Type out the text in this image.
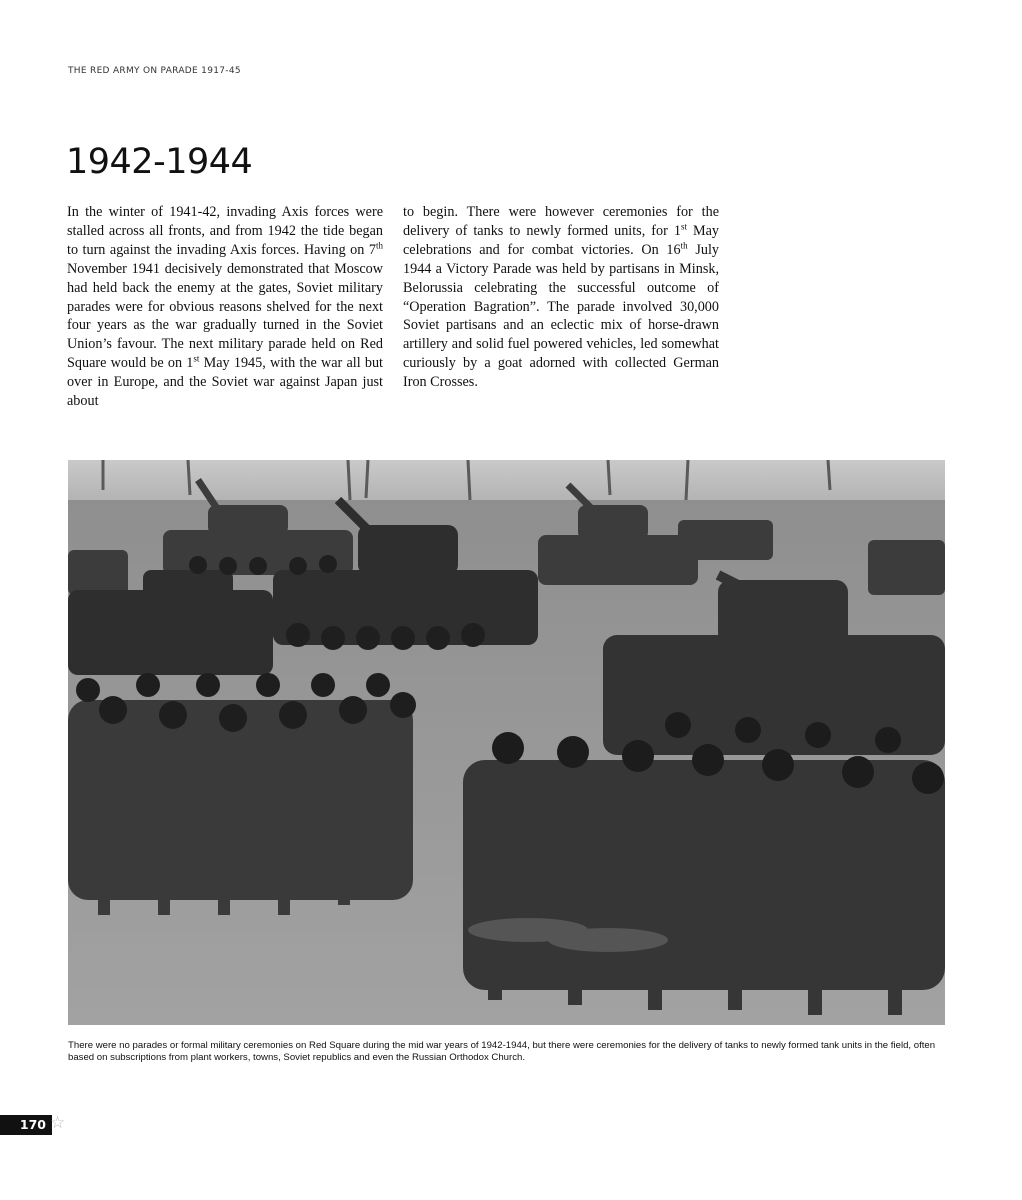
THE RED ARMY ON PARADE 1917-45
1942-1944

In the winter of 1941-42, invading Axis forces were stalled across all fronts, and from 1942 the tide began to turn against the invading Axis forces. Having on 7th November 1941 decisively demonstrated that Moscow had held back the enemy at the gates, Soviet military parades were for obvious reasons shelved for the next four years as the war gradually turned in the Soviet Union’s favour. The next military parade held on Red Square would be on 1st May 1945, with the war all but over in Europe, and the Soviet war against Japan just about

to begin. There were however ceremonies for the delivery of tanks to newly formed units, for 1st May celebrations and for combat victories. On 16th July 1944 a Victory Parade was held by partisans in Minsk, Belorussia celebrating the successful outcome of “Operation Bagration”. The parade involved 30,000 Soviet partisans and an eclectic mix of horse-drawn artillery and solid fuel powered vehicles, led somewhat curiously by a goat adorned with collected German Iron Crosses.

There were no parades or formal military ceremonies on Red Square during the mid war years of 1942-1944, but there were ceremonies for the delivery of tanks to newly formed tank units in the field, often based on subscriptions from plant workers, towns, Soviet republics and even the Russian Orthodox Church.

170 ☆
